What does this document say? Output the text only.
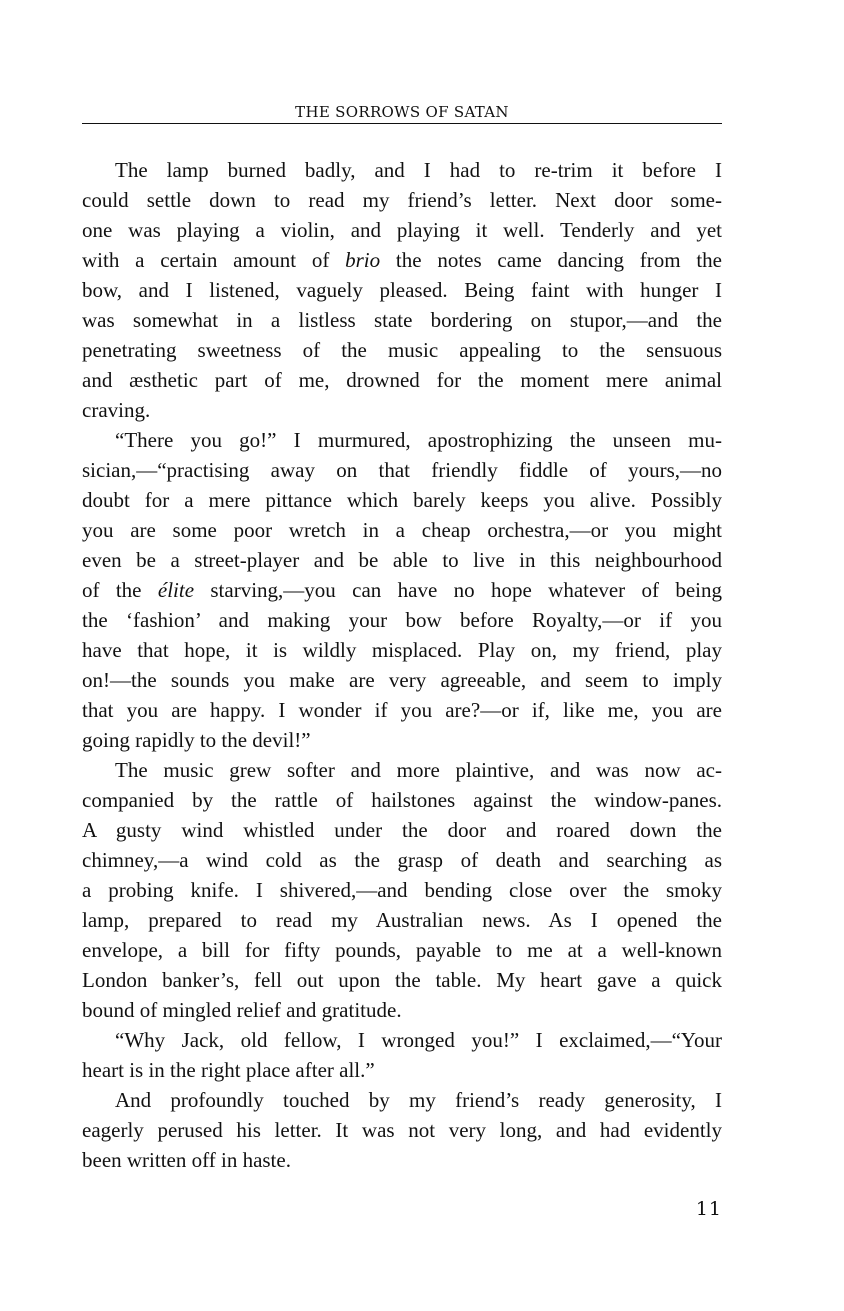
THE SORROWS OF SATAN
The lamp burned badly, and I had to re-trim it before I
could settle down to read my friend’s letter. Next door some-
one was playing a violin, and playing it well. Tenderly and yet
with a certain amount of brio the notes came dancing from the
bow, and I listened, vaguely pleased. Being faint with hunger I
was somewhat in a listless state bordering on stupor,—and the
penetrating sweetness of the music appealing to the sensuous
and æsthetic part of me, drowned for the moment mere animal
craving.
“There you go!” I murmured, apostrophizing the unseen mu-
sician,—“practising away on that friendly fiddle of yours,—no
doubt for a mere pittance which barely keeps you alive. Possibly
you are some poor wretch in a cheap orchestra,—or you might
even be a street-player and be able to live in this neighbourhood
of the élite starving,—you can have no hope whatever of being
the ‘fashion’ and making your bow before Royalty,—or if you
have that hope, it is wildly misplaced. Play on, my friend, play
on!—the sounds you make are very agreeable, and seem to imply
that you are happy. I wonder if you are?—or if, like me, you are
going rapidly to the devil!”
The music grew softer and more plaintive, and was now ac-
companied by the rattle of hailstones against the window-panes.
A gusty wind whistled under the door and roared down the
chimney,—a wind cold as the grasp of death and searching as
a probing knife. I shivered,—and bending close over the smoky
lamp, prepared to read my Australian news. As I opened the
envelope, a bill for fifty pounds, payable to me at a well-known
London banker’s, fell out upon the table. My heart gave a quick
bound of mingled relief and gratitude.
“Why Jack, old fellow, I wronged you!” I exclaimed,—“Your
heart is in the right place after all.”
And profoundly touched by my friend’s ready generosity, I
eagerly perused his letter. It was not very long, and had evidently
been written off in haste.
11
